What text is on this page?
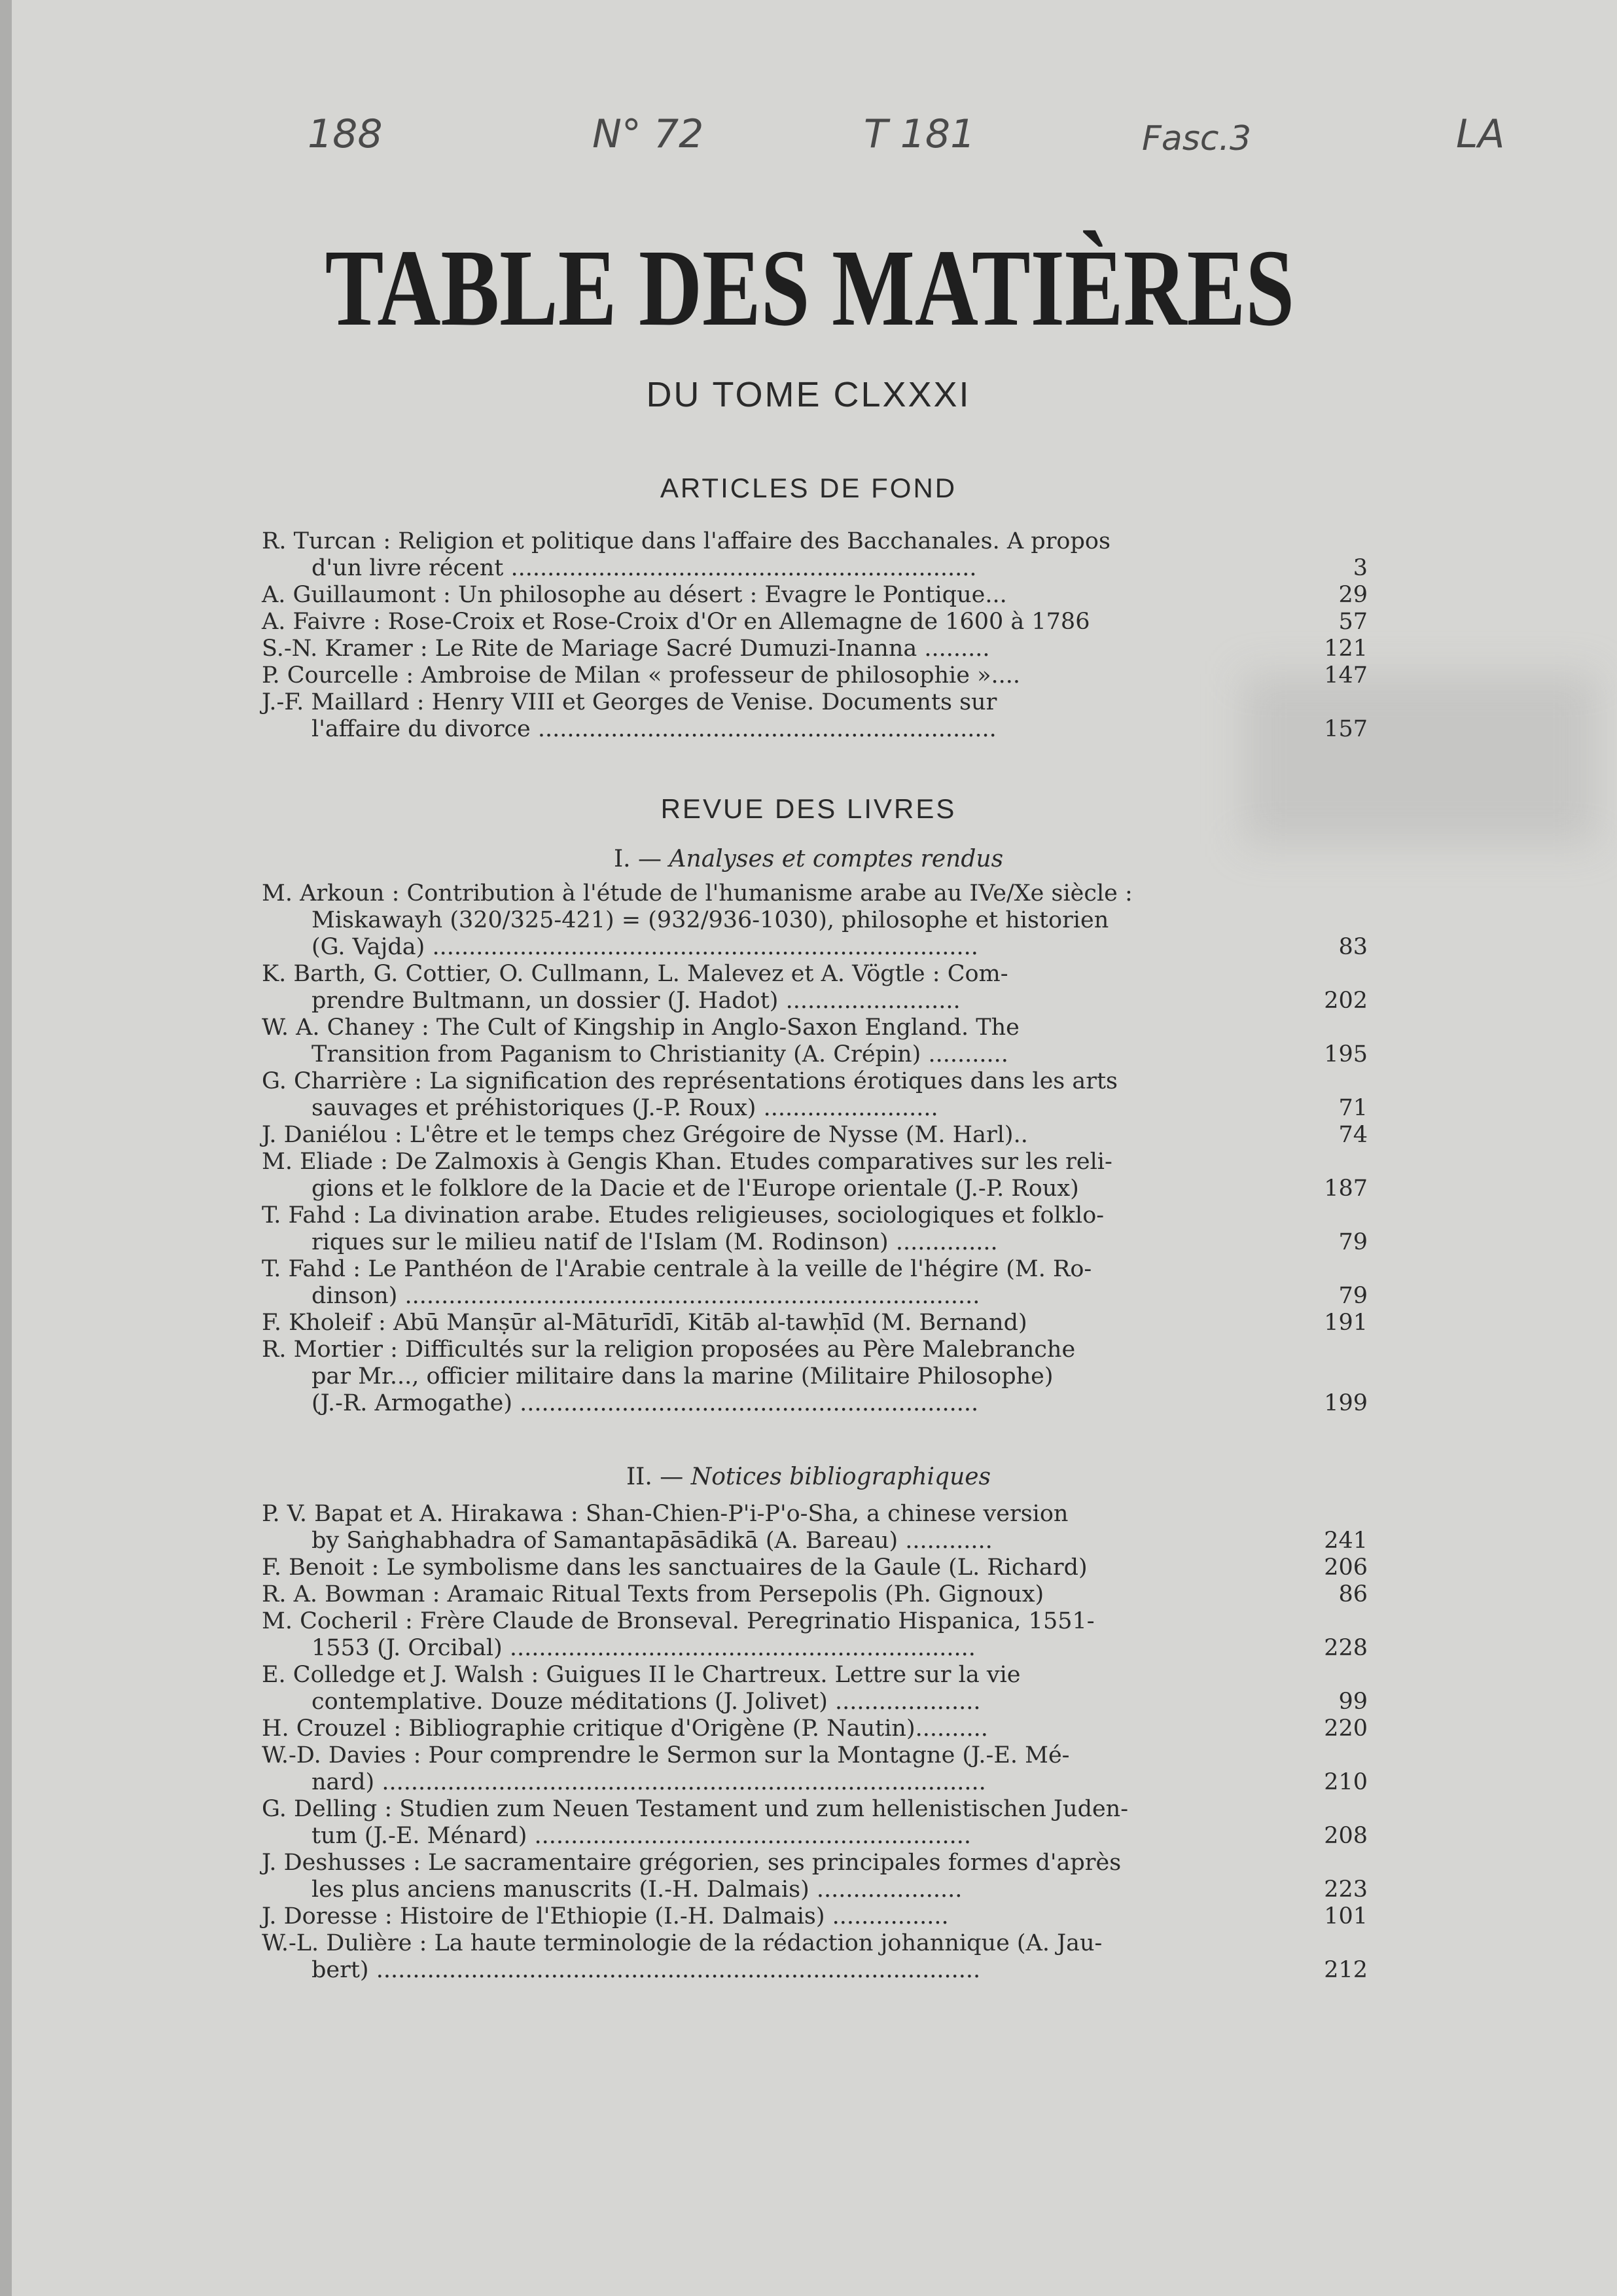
188	N° 72	T 181	Fasc.3	LA
TABLE DES MATIÈRES
DU TOME CLXXXI
ARTICLES DE FOND
R. Turcan : Religion et politique dans l'affaire des Bacchanales. A propos
d'un livre récent ................................................................	3
A. Guillaumont : Un philosophe au désert : Evagre le Pontique...	29
A. Faivre : Rose-Croix et Rose-Croix d'Or en Allemagne de 1600 à 1786	57
S.-N. Kramer : Le Rite de Mariage Sacré Dumuzi-Inanna .........	121
P. Courcelle : Ambroise de Milan « professeur de philosophie »....	147
J.-F. Maillard : Henry VIII et Georges de Venise. Documents sur
l'affaire du divorce ...............................................................	157
REVUE DES LIVRES
I. — Analyses et comptes rendus
M. Arkoun : Contribution à l'étude de l'humanisme arabe au IVe/Xe siècle :
Miskawayh (320/325-421) = (932/936-1030), philosophe et historien
(G. Vajda) ...........................................................................	83
K. Barth, G. Cottier, O. Cullmann, L. Malevez et A. Vögtle : Com-
prendre Bultmann, un dossier (J. Hadot) ........................	202
W. A. Chaney : The Cult of Kingship in Anglo-Saxon England. The
Transition from Paganism to Christianity (A. Crépin) ...........	195
G. Charrière : La signification des représentations érotiques dans les arts
sauvages et préhistoriques (J.-P. Roux) ........................	71
J. Daniélou : L'être et le temps chez Grégoire de Nysse (M. Harl)..	74
M. Eliade : De Zalmoxis à Gengis Khan. Etudes comparatives sur les reli-
gions et le folklore de la Dacie et de l'Europe orientale (J.-P. Roux)	187
T. Fahd : La divination arabe. Etudes religieuses, sociologiques et folklo-
riques sur le milieu natif de l'Islam (M. Rodinson) ..............	79
T. Fahd : Le Panthéon de l'Arabie centrale à la veille de l'hégire (M. Ro-
dinson) ...............................................................................	79
F. Kholeif : Abū Manṣūr al-Māturīdī, Kitāb al-tawḥīd (M. Bernand)	191
R. Mortier : Difficultés sur la religion proposées au Père Malebranche
par Mr..., officier militaire dans la marine (Militaire Philosophe)
(J.-R. Armogathe) ...............................................................	199
II. — Notices bibliographiques
P. V. Bapat et A. Hirakawa : Shan-Chien-P'i-P'o-Sha, a chinese version
by Saṅghabhadra of Samantapāsādikā (A. Bareau) ............	241
F. Benoit : Le symbolisme dans les sanctuaires de la Gaule (L. Richard)	206
R. A. Bowman : Aramaic Ritual Texts from Persepolis (Ph. Gignoux)	86
M. Cocheril : Frère Claude de Bronseval. Peregrinatio Hispanica, 1551-
1553 (J. Orcibal) ................................................................	228
E. Colledge et J. Walsh : Guigues II le Chartreux. Lettre sur la vie
contemplative. Douze méditations (J. Jolivet) ....................	99
H. Crouzel : Bibliographie critique d'Origène (P. Nautin)..........	220
W.-D. Davies : Pour comprendre le Sermon sur la Montagne (J.-E. Mé-
nard) ...................................................................................	210
G. Delling : Studien zum Neuen Testament und zum hellenistischen Juden-
tum (J.-E. Ménard) ............................................................	208
J. Deshusses : Le sacramentaire grégorien, ses principales formes d'après
les plus anciens manuscrits (I.-H. Dalmais) ....................	223
J. Doresse : Histoire de l'Ethiopie (I.-H. Dalmais) ................	101
W.-L. Dulière : La haute terminologie de la rédaction johannique (A. Jau-
bert) ...................................................................................	212
